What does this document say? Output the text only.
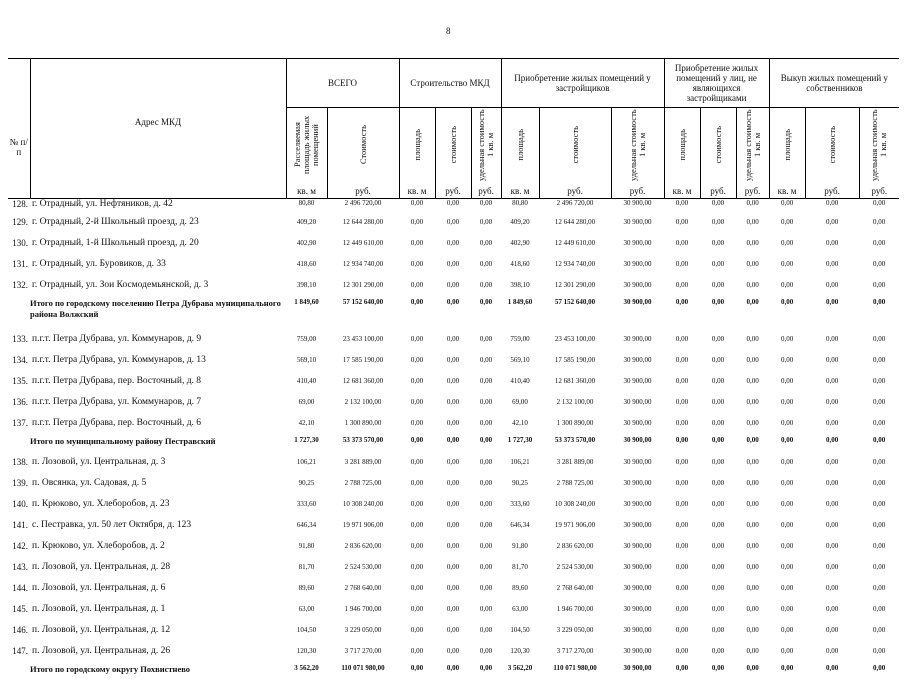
8
№ п/п	Адрес МКД	ВСЕГО		Строительство МКД			Приобретение жилых помещений у застройщиков			Приобретение жилых помещений у лиц, не являющихся застройщиками			Выкуп жилых помещений у собственников		
		Расселяемая площадь жилых помещений	Стоимость	площадь	стоимость	удельная стоимость 1 кв. м	площадь	стоимость	удельная стоимость 1 кв. м	площадь	стоимость	удельная стоимость 1 кв. м	площадь	стоимость	удельная стоимость 1 кв. м
		кв. м	руб.	кв. м	руб.	руб.	кв. м	руб.	руб.	кв. м	руб.	руб.	кв. м	руб.	руб.
128.	г. Отрадный, ул. Нефтяников, д. 42	80,80	2 496 720,00	0,00	0,00	0,00	80,80	2 496 720,00	30 900,00	0,00	0,00	0,00	0,00	0,00	0,00
129.	г. Отрадный, 2-й Школьный проезд, д. 23	409,20	12 644 280,00	0,00	0,00	0,00	409,20	12 644 280,00	30 900,00	0,00	0,00	0,00	0,00	0,00	0,00
130.	г. Отрадный, 1-й Школьный проезд, д. 20	402,90	12 449 610,00	0,00	0,00	0,00	402,90	12 449 610,00	30 900,00	0,00	0,00	0,00	0,00	0,00	0,00
131.	г. Отрадный, ул. Буровиков, д. 33	418,60	12 934 740,00	0,00	0,00	0,00	418,60	12 934 740,00	30 900,00	0,00	0,00	0,00	0,00	0,00	0,00
132.	г. Отрадный, ул. Зои Космодемьянской, д. 3	398,10	12 301 290,00	0,00	0,00	0,00	398,10	12 301 290,00	30 900,00	0,00	0,00	0,00	0,00	0,00	0,00
Итого по городскому поселению Петра Дубрава муниципального района Волжский		1 849,60	57 152 640,00	0,00	0,00	0,00	1 849,60	57 152 640,00	30 900,00	0,00	0,00	0,00	0,00	0,00	0,00
133.	п.г.т. Петра Дубрава, ул. Коммунаров, д. 9	759,00	23 453 100,00	0,00	0,00	0,00	759,00	23 453 100,00	30 900,00	0,00	0,00	0,00	0,00	0,00	0,00
134.	п.г.т. Петра Дубрава, ул. Коммунаров, д. 13	569,10	17 585 190,00	0,00	0,00	0,00	569,10	17 585 190,00	30 900,00	0,00	0,00	0,00	0,00	0,00	0,00
135.	п.г.т. Петра Дубрава, пер. Восточный, д. 8	410,40	12 681 360,00	0,00	0,00	0,00	410,40	12 681 360,00	30 900,00	0,00	0,00	0,00	0,00	0,00	0,00
136.	п.г.т. Петра Дубрава, ул. Коммунаров, д. 7	69,00	2 132 100,00	0,00	0,00	0,00	69,00	2 132 100,00	30 900,00	0,00	0,00	0,00	0,00	0,00	0,00
137.	п.г.т. Петра Дубрава, пер. Восточный, д. 6	42,10	1 300 890,00	0,00	0,00	0,00	42,10	1 300 890,00	30 900,00	0,00	0,00	0,00	0,00	0,00	0,00
Итого по муниципальному району Пестравский		1 727,30	53 373 570,00	0,00	0,00	0,00	1 727,30	53 373 570,00	30 900,00	0,00	0,00	0,00	0,00	0,00	0,00
138.	п. Лозовой, ул. Центральная, д. 3	106,21	3 281 889,00	0,00	0,00	0,00	106,21	3 281 889,00	30 900,00	0,00	0,00	0,00	0,00	0,00	0,00
139.	п. Овсянка, ул. Садовая, д. 5	90,25	2 788 725,00	0,00	0,00	0,00	90,25	2 788 725,00	30 900,00	0,00	0,00	0,00	0,00	0,00	0,00
140.	п. Крюково, ул. Хлеборобов, д. 23	333,60	10 308 240,00	0,00	0,00	0,00	333,60	10 308 240,00	30 900,00	0,00	0,00	0,00	0,00	0,00	0,00
141.	с. Пестравка, ул. 50 лет Октября, д. 123	646,34	19 971 906,00	0,00	0,00	0,00	646,34	19 971 906,00	30 900,00	0,00	0,00	0,00	0,00	0,00	0,00
142.	п. Крюково, ул. Хлеборобов, д. 2	91,80	2 836 620,00	0,00	0,00	0,00	91,80	2 836 620,00	30 900,00	0,00	0,00	0,00	0,00	0,00	0,00
143.	п. Лозовой, ул. Центральная, д. 28	81,70	2 524 530,00	0,00	0,00	0,00	81,70	2 524 530,00	30 900,00	0,00	0,00	0,00	0,00	0,00	0,00
144.	п. Лозовой, ул. Центральная, д. 6	89,60	2 768 640,00	0,00	0,00	0,00	89,60	2 768 640,00	30 900,00	0,00	0,00	0,00	0,00	0,00	0,00
145.	п. Лозовой, ул. Центральная, д. 1	63,00	1 946 700,00	0,00	0,00	0,00	63,00	1 946 700,00	30 900,00	0,00	0,00	0,00	0,00	0,00	0,00
146.	п. Лозовой, ул. Центральная, д. 12	104,50	3 229 050,00	0,00	0,00	0,00	104,50	3 229 050,00	30 900,00	0,00	0,00	0,00	0,00	0,00	0,00
147.	п. Лозовой, ул. Центральная, д. 26	120,30	3 717 270,00	0,00	0,00	0,00	120,30	3 717 270,00	30 900,00	0,00	0,00	0,00	0,00	0,00	0,00
Итого по городскому округу Похвистнево		3 562,20	110 071 980,00	0,00	0,00	0,00	3 562,20	110 071 980,00	30 900,00	0,00	0,00	0,00	0,00	0,00	0,00
